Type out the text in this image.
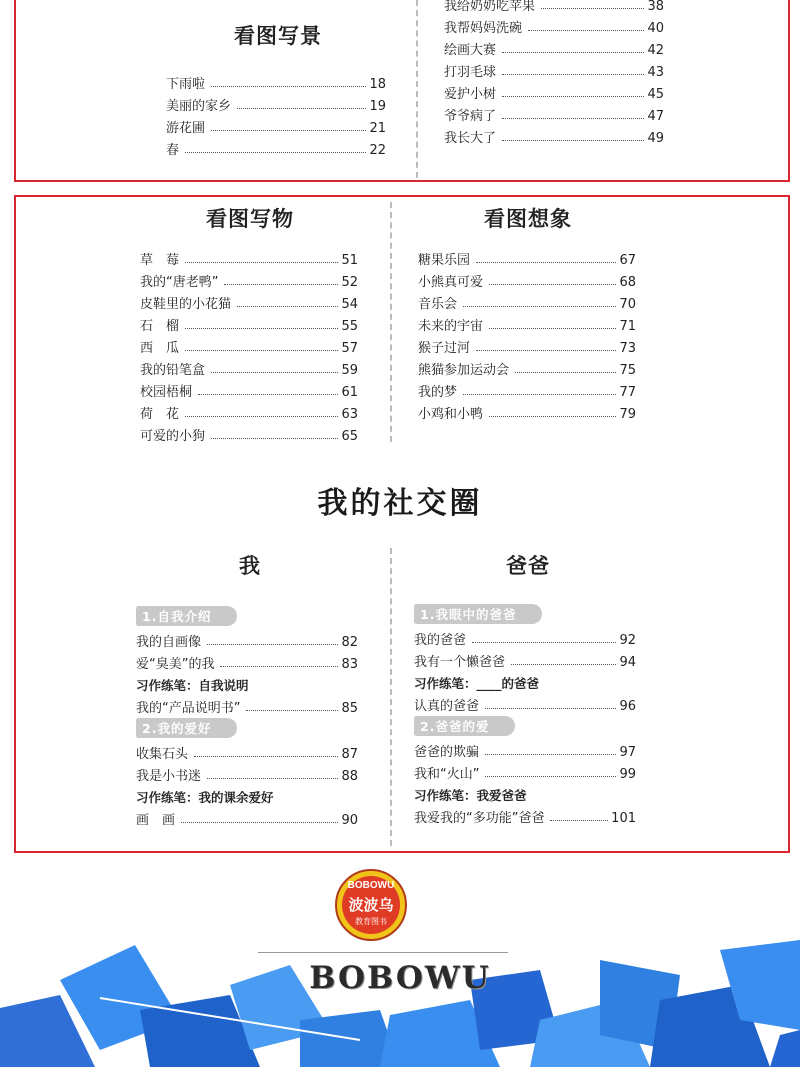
看图写景
下雨啦	18
美丽的家乡	19
游花圃	21
春	22
我给奶奶吃苹果	38
我帮妈妈洗碗	40
绘画大赛	42
打羽毛球	43
爱护小树	45
爷爷病了	47
我长大了	49
看图写物	看图想象
草　莓	51
我的“唐老鸭”	52
皮鞋里的小花猫	54
石　榴	55
西　瓜	57
我的铅笔盒	59
校园梧桐	61
荷　花	63
可爱的小狗	65
糖果乐园	67
小熊真可爱	68
音乐会	70
未来的宇宙	71
猴子过河	73
熊猫参加运动会	75
我的梦	77
小鸡和小鸭	79
我的社交圈
我	爸爸
1.自我介绍
我的自画像	82
爱“臭美”的我	83
习作练笔：自我说明
我的“产品说明书”	85
2.我的爱好
收集石头	87
我是小书迷	88
习作练笔：我的课余爱好
画　画	90
1.我眼中的爸爸
我的爸爸	92
我有一个懒爸爸	94
习作练笔：____的爸爸
认真的爸爸	96
2.爸爸的爱
爸爸的欺骗	97
我和“火山”	99
习作练笔：我爱爸爸
我爱我的“多功能”爸爸	101
BOBOWU
波波乌
教育图书
BOBOWU
